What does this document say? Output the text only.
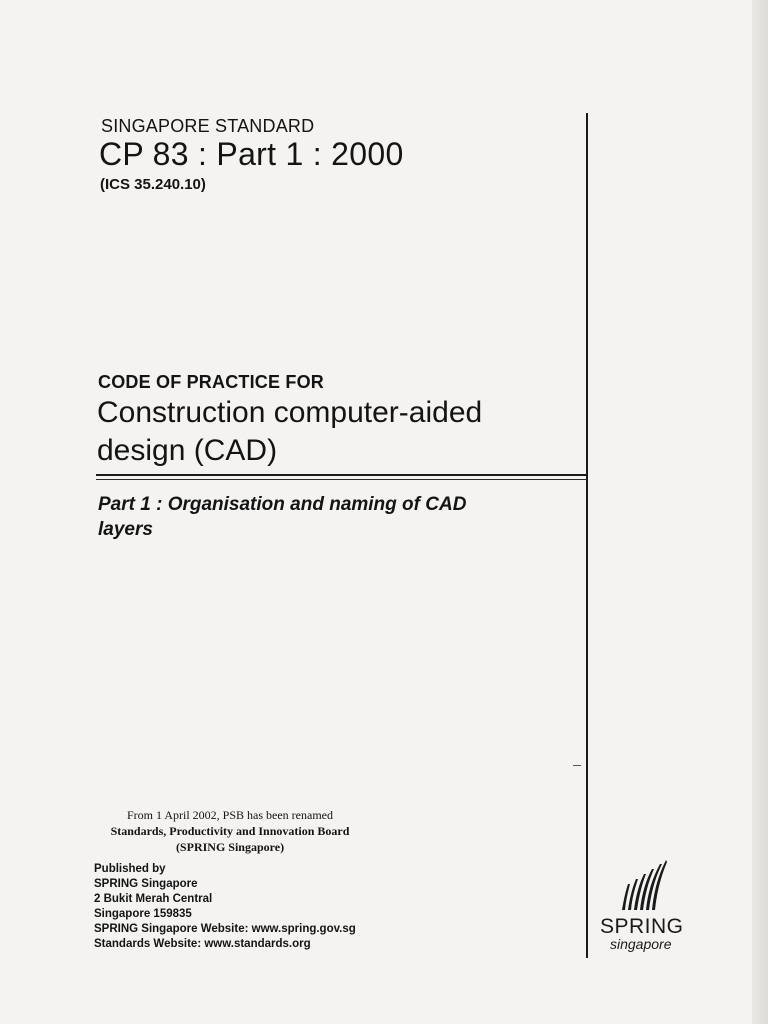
SINGAPORE STANDARD
CP 83 : Part 1 : 2000
(ICS 35.240.10)
CODE OF PRACTICE FOR
Construction computer-aided
design (CAD)
Part 1 : Organisation and naming of CAD
layers
From 1 April 2002, PSB has been renamed
Standards, Productivity and Innovation Board
(SPRING Singapore)
Published by
SPRING Singapore
2 Bukit Merah Central
Singapore 159835
SPRING Singapore Website: www.spring.gov.sg
Standards Website: www.standards.org
SPRING
singapore
